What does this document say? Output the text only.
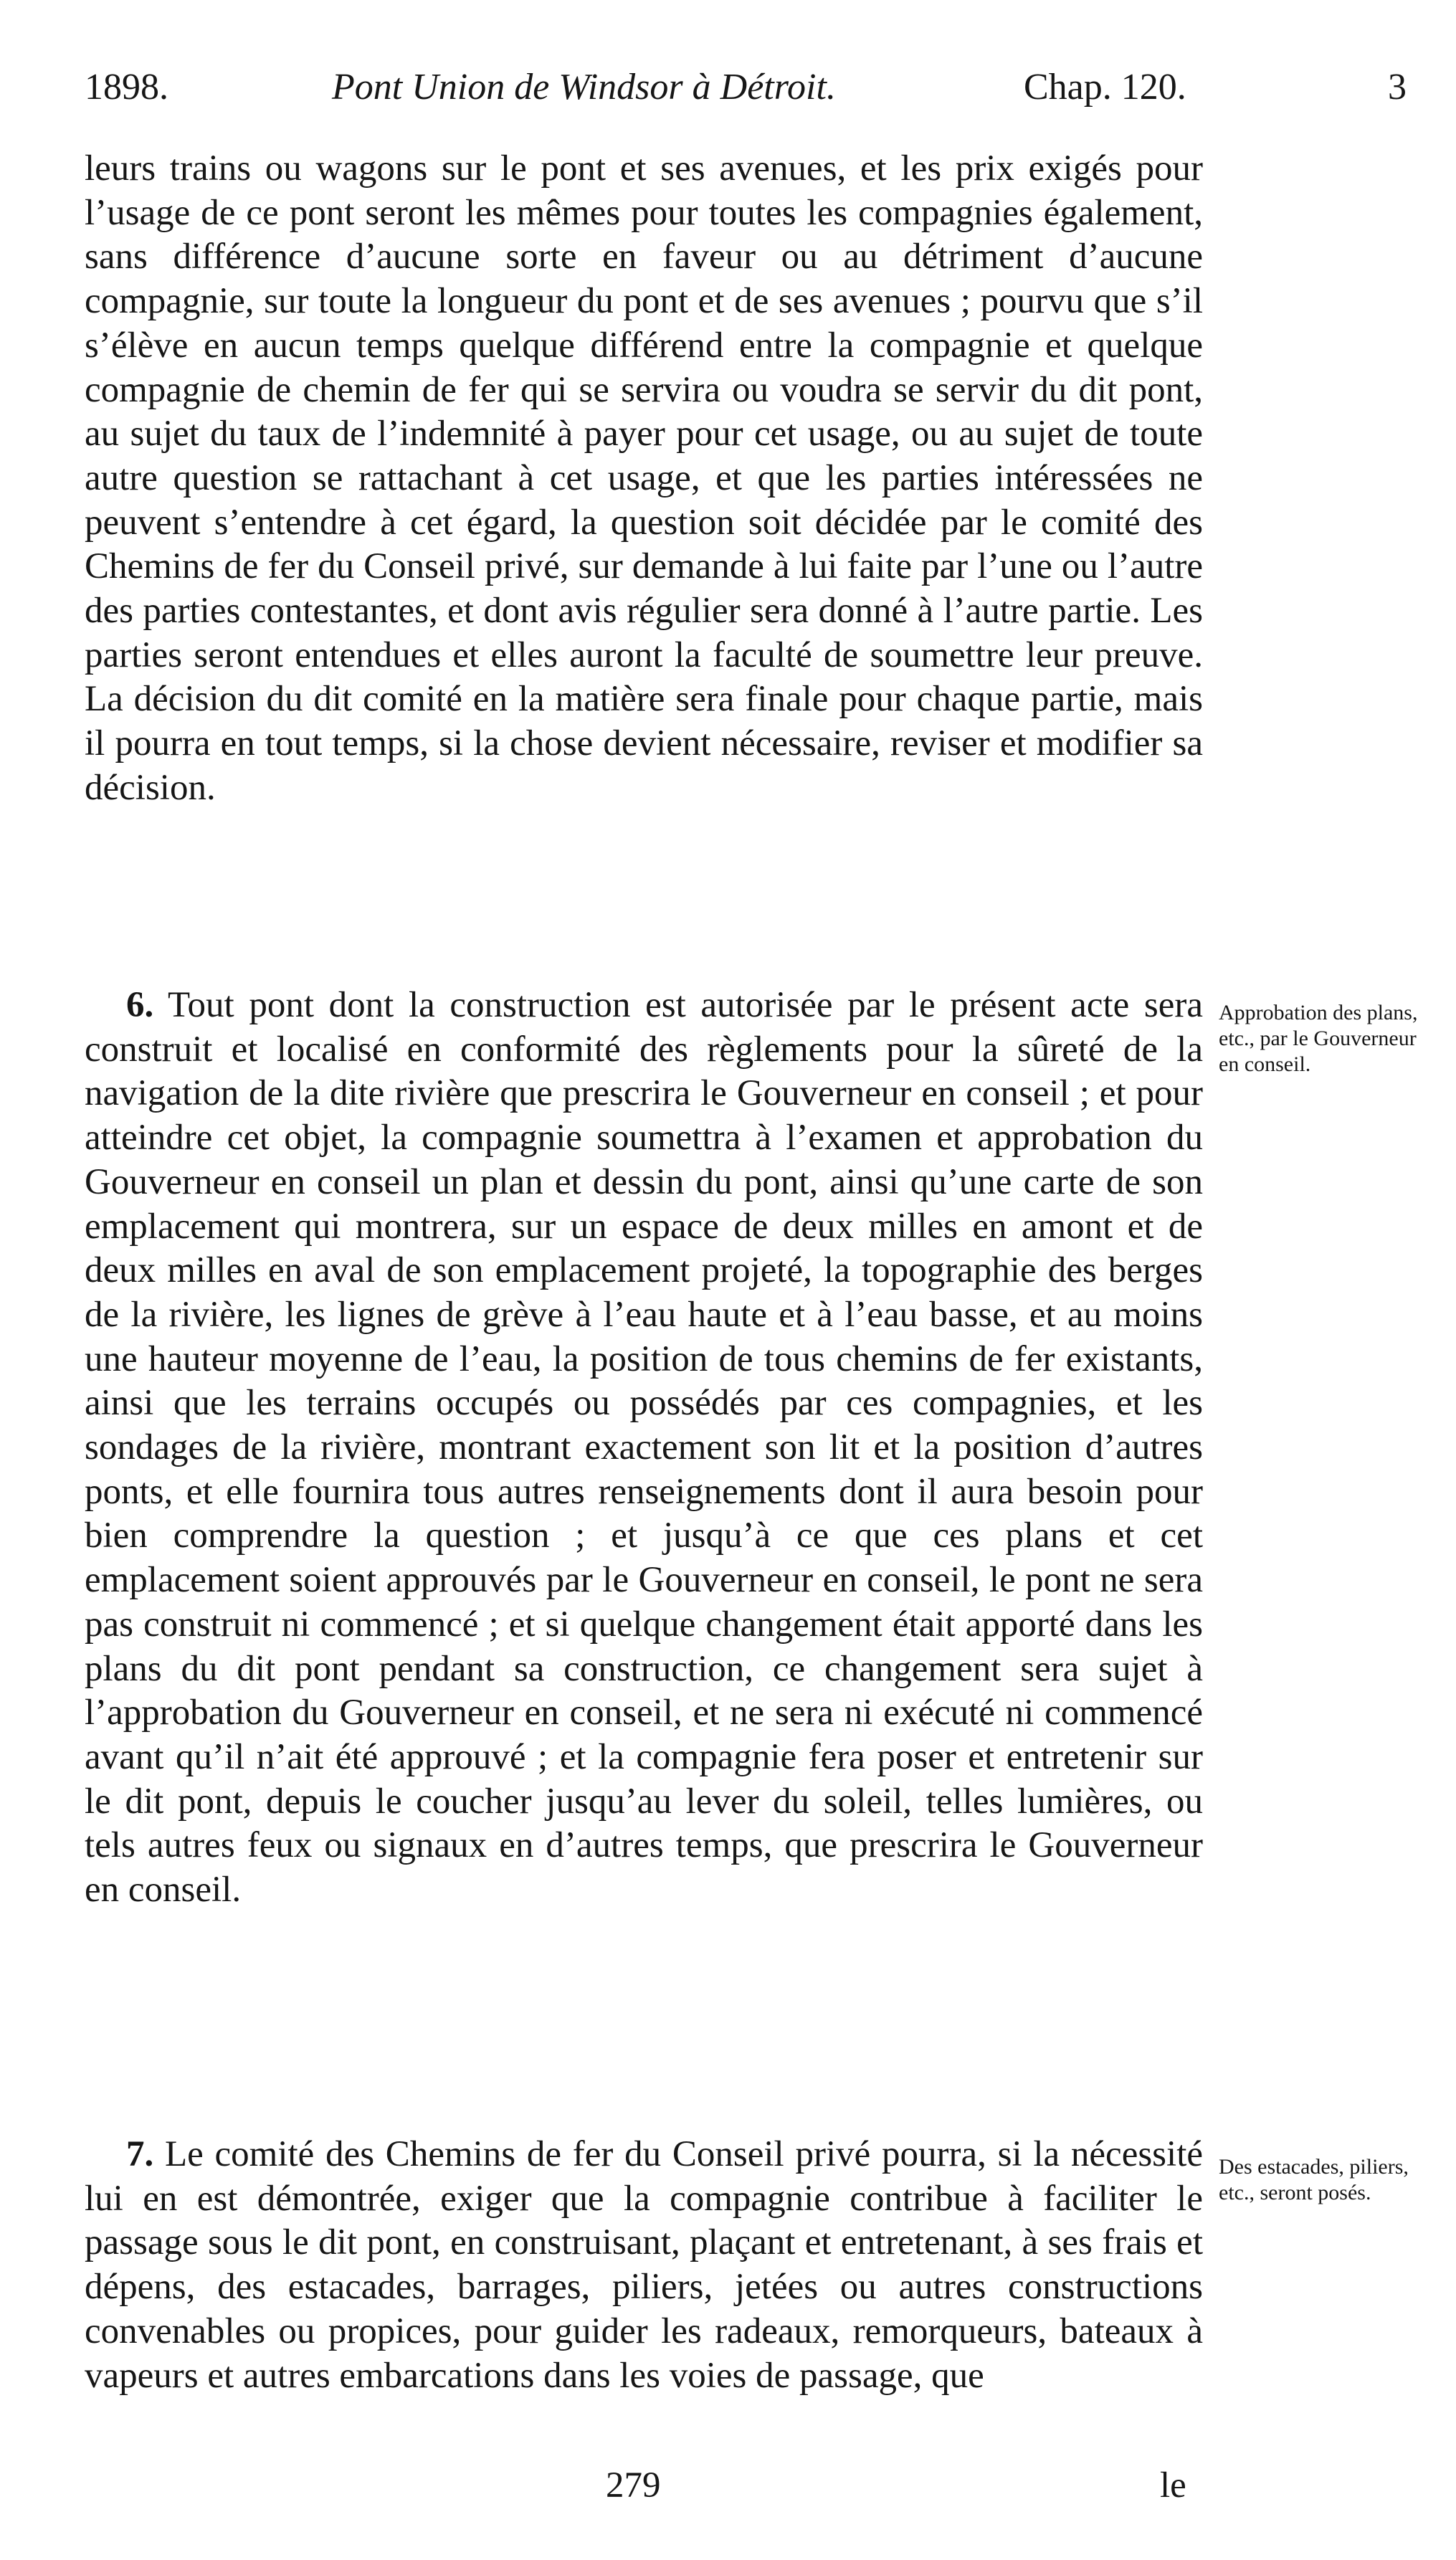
1898.	Pont Union de Windsor à Détroit.	Chap. 120.	3

leurs trains ou wagons sur le pont et ses avenues, et les prix exigés pour l’usage de ce pont seront les mêmes pour toutes les compagnies également, sans différence d’aucune sorte en faveur ou au détriment d’aucune compagnie, sur toute la longueur du pont et de ses avenues ; pourvu que s’il s’élève en aucun temps quelque différend entre la compagnie et quelque compagnie de chemin de fer qui se servira ou voudra se servir du dit pont, au sujet du taux de l’indemnité à payer pour cet usage, ou au sujet de toute autre question se rattachant à cet usage, et que les parties intéressées ne peuvent s’entendre à cet égard, la question soit décidée par le comité des Chemins de fer du Conseil privé, sur demande à lui faite par l’une ou l’autre des parties contestantes, et dont avis régulier sera donné à l’autre partie. Les parties seront entendues et elles auront la faculté de soumettre leur preuve. La décision du dit comité en la matière sera finale pour chaque partie, mais il pourra en tout temps, si la chose devient nécessaire, reviser et modifier sa décision.

6. Tout pont dont la construction est autorisée par le présent acte sera construit et localisé en conformité des règlements pour la sûreté de la navigation de la dite rivière que prescrira le Gouverneur en conseil ; et pour atteindre cet objet, la compagnie soumettra à l’examen et approbation du Gouverneur en conseil un plan et dessin du pont, ainsi qu’une carte de son emplacement qui montrera, sur un espace de deux milles en amont et de deux milles en aval de son emplacement projeté, la topographie des berges de la rivière, les lignes de grève à l’eau haute et à l’eau basse, et au moins une hauteur moyenne de l’eau, la position de tous chemins de fer existants, ainsi que les terrains occupés ou possédés par ces compagnies, et les sondages de la rivière, montrant exactement son lit et la position d’autres ponts, et elle fournira tous autres renseignements dont il aura besoin pour bien comprendre la question ; et jusqu’à ce que ces plans et cet emplacement soient approuvés par le Gouverneur en conseil, le pont ne sera pas construit ni commencé ; et si quelque changement était apporté dans les plans du dit pont pendant sa construction, ce changement sera sujet à l’approbation du Gouverneur en conseil, et ne sera ni exécuté ni commencé avant qu’il n’ait été approuvé ; et la compagnie fera poser et entretenir sur le dit pont, depuis le coucher jusqu’au lever du soleil, telles lumières, ou tels autres feux ou signaux en d’autres temps, que prescrira le Gouverneur en conseil.

Approbation des plans, etc., par le Gouverneur en conseil.

7. Le comité des Chemins de fer du Conseil privé pourra, si la nécessité lui en est démontrée, exiger que la compagnie contribue à faciliter le passage sous le dit pont, en construisant, plaçant et entretenant, à ses frais et dépens, des estacades, barrages, piliers, jetées ou autres constructions convenables ou propices, pour guider les radeaux, remorqueurs, bateaux à vapeurs et autres embarcations dans les voies de passage, que

Des estacades, piliers, etc., seront posés.

279	le
